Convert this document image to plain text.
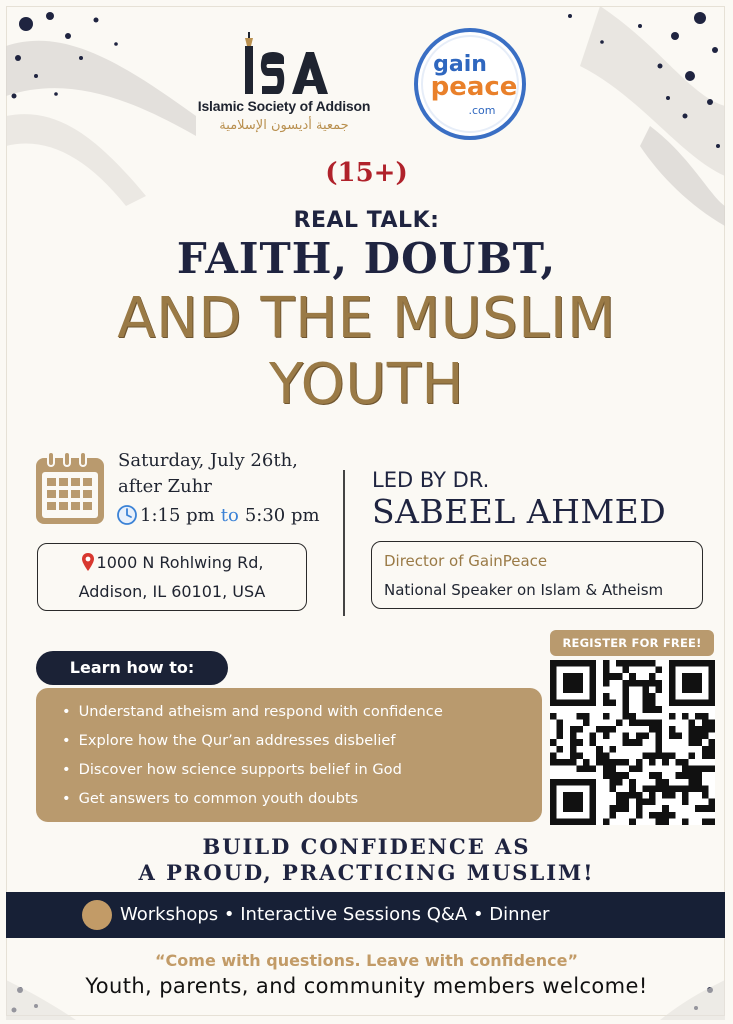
Islamic Society of Addison
جمعية أديسون الإسلامية
gain
peace
.com
(15+)
REAL TALK:
FAITH, DOUBT,
AND THE MUSLIM
YOUTH
Saturday, July 26th,
after Zuhr
1:15 pm to 5:30 pm
1000 N Rohlwing Rd,
Addison, IL 60101, USA
LED BY DR.
SABEEL AHMED
Director of GainPeace
National Speaker on Islam & Atheism
Learn how to:
• Understand atheism and respond with confidence
• Explore how the Qur’an addresses disbelief
• Discover how science supports belief in God
• Get answers to common youth doubts
REGISTER FOR FREE!
BUILD CONFIDENCE AS
A PROUD, PRACTICING MUSLIM!
Workshops • Interactive Sessions Q&A • Dinner
“Come with questions. Leave with confidence”
Youth, parents, and community members welcome!
